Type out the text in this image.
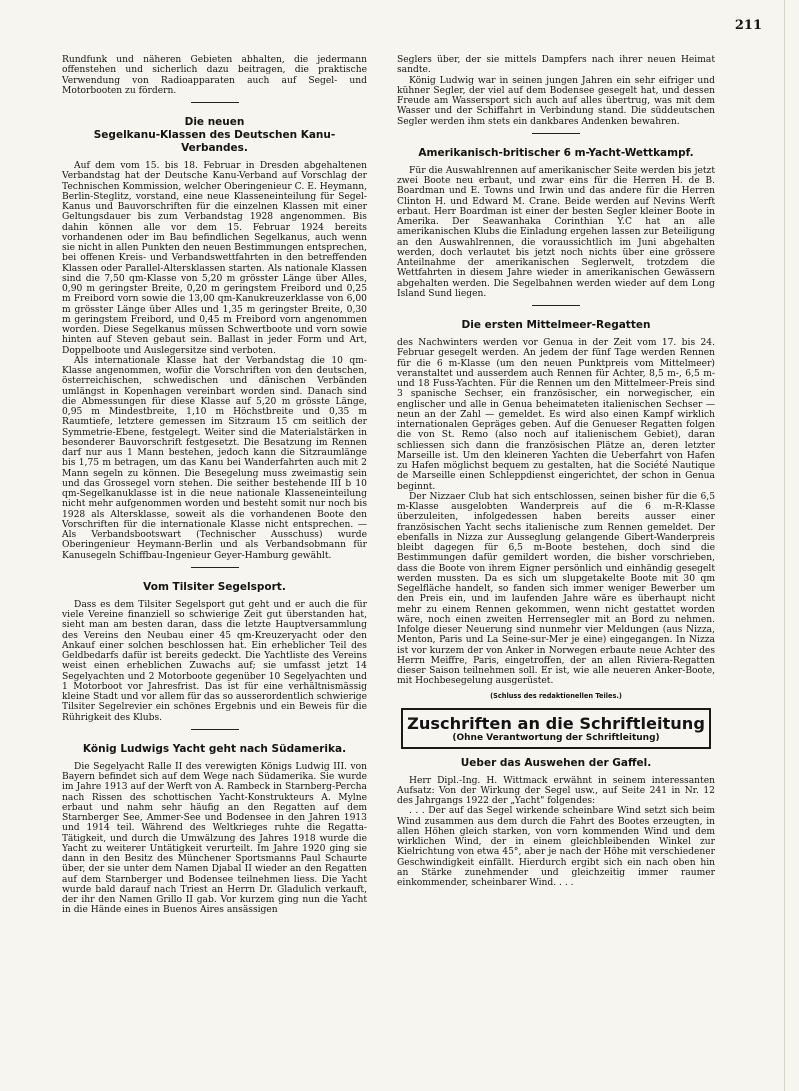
211

Rundfunk und näheren Gebieten abhalten, die jedermann offenstehen und sicherlich dazu beitragen, die praktische Verwendung von Radioapparaten auch auf Segel- und Motorbooten zu fördern.

Die neuen
Segelkanu-Klassen des Deutschen Kanu-Verbandes.

Auf dem vom 15. bis 18. Februar in Dresden abgehaltenen Verbandstag hat der Deutsche Kanu-Verband auf Vorschlag der Technischen Kommission, welcher Oberingenieur C. E. Heymann, Berlin-Steglitz, vorstand, eine neue Klasseneinteilung für Segel-Kanus und Bauvorschriften für die einzelnen Klassen mit einer Geltungsdauer bis zum Verbandstag 1928 angenommen. Bis dahin können alle vor dem 15. Februar 1924 bereits vorhandenen oder im Bau befindlichen Segelkanus, auch wenn sie nicht in allen Punkten den neuen Bestimmungen entsprechen, bei offenen Kreis- und Verbandswettfahrten in den betreffenden Klassen oder Parallel-Altersklassen starten. Als nationale Klassen sind die 7,50 qm-Klasse von 5,20 m grösster Länge über Alles, 0,90 m geringster Breite, 0,20 m geringstem Freibord und 0,25 m Freibord vorn sowie die 13,00 qm-Kanukreuzerklasse von 6,00 m grösster Länge über Alles und 1,35 m geringster Breite, 0,30 m geringstem Freibord, und 0,45 m Freibord vorn angenommen worden. Diese Segelkanus müssen Schwertboote und vorn sowie hinten auf Steven gebaut sein. Ballast in jeder Form und Art, Doppelboote und Auslegersitze sind verboten.

Als internationale Klasse hat der Verbandstag die 10 qm-Klasse angenommen, wofür die Vorschriften von den deutschen, österreichischen, schwedischen und dänischen Verbänden umlängst in Kopenhagen vereinbart worden sind. Danach sind die Abmessungen für diese Klasse auf 5,20 m grösste Länge, 0,95 m Mindestbreite, 1,10 m Höchstbreite und 0,35 m Raumtiefe, letztere gemessen im Sitzraum 15 cm seitlich der Symmetrie-Ebene, festgelegt. Weiter sind die Materialstärken in besonderer Bauvorschrift festgesetzt. Die Besatzung im Rennen darf nur aus 1 Mann bestehen, jedoch kann die Sitzraumlänge bis 1,75 m betragen, um das Kanu bei Wanderfahrten auch mit 2 Mann segeln zu können. Die Besegelung muss zweimastig sein und das Grossegel vorn stehen. Die seither bestehende III b 10 qm-Segelkanuklasse ist in die neue nationale Klasseneinteilung nicht mehr aufgenommen worden und besteht somit nur noch bis 1928 als Altersklasse, soweit als die vorhandenen Boote den Vorschriften für die internationale Klasse nicht entsprechen. — Als Verbandsbootswart (Technischer Ausschuss) wurde Oberingenieur Heymann-Berlin und als Verbandsobmann für Kanusegeln Schiffbau-Ingenieur Geyer-Hamburg gewählt.

Vom Tilsiter Segelsport.

Dass es dem Tilsiter Segelsport gut geht und er auch die für viele Vereine finanziell so schwierige Zeit gut überstanden hat, sieht man am besten daran, dass die letzte Hauptversammlung des Vereins den Neubau einer 45 qm-Kreuzeryacht oder den Ankauf einer solchen beschlossen hat. Ein erheblicher Teil des Geldbedarfs dafür ist bereits gedeckt. Die Yachtliste des Vereins weist einen erheblichen Zuwachs auf; sie umfasst jetzt 14 Segelyachten und 2 Motorboote gegenüber 10 Segelyachten und 1 Motorboot vor Jahresfrist. Das ist für eine verhältnismässig kleine Stadt und vor allem für das so ausserordentlich schwierige Tilsiter Segelrevier ein schönes Ergebnis und ein Beweis für die Rührigkeit des Klubs.

König Ludwigs Yacht geht nach Südamerika.

Die Segelyacht Ralle II des verewigten Königs Ludwig III. von Bayern befindet sich auf dem Wege nach Südamerika. Sie wurde im Jahre 1913 auf der Werft von A. Rambeck in Starnberg-Percha nach Rissen des schottischen Yacht-Konstrukteurs A. Mylne erbaut und nahm sehr häufig an den Regatten auf dem Starnberger See, Ammer-See und Bodensee in den Jahren 1913 und 1914 teil. Während des Weltkrieges ruhte die Regatta-Tätigkeit, und durch die Umwälzung des Jahres 1918 wurde die Yacht zu weiterer Untätigkeit verurteilt. Im Jahre 1920 ging sie dann in den Besitz des Münchener Sportsmanns Paul Schaurte über, der sie unter dem Namen Djabal II wieder an den Regatten auf dem Starnberger und Bodensee teilnehmen liess. Die Yacht wurde bald darauf nach Triest an Herrn Dr. Gladulich verkauft, der ihr den Namen Grillo II gab. Vor kurzem ging nun die Yacht in die Hände eines in Buenos Aires ansässigen

Seglers über, der sie mittels Dampfers nach ihrer neuen Heimat sandte.

König Ludwig war in seinen jungen Jahren ein sehr eifriger und kühner Segler, der viel auf dem Bodensee gesegelt hat, und dessen Freude am Wassersport sich auch auf alles übertrug, was mit dem Wasser und der Schiffahrt in Verbindung stand. Die süddeutschen Segler werden ihm stets ein dankbares Andenken bewahren.

Amerikanisch-britischer 6 m-Yacht-Wettkampf.

Für die Auswahlrennen auf amerikanischer Seite werden bis jetzt zwei Boote neu erbaut, und zwar eins für die Herren H. de B. Boardman und E. Towns und Irwin und das andere für die Herren Clinton H. und Edward M. Crane. Beide werden auf Nevins Werft erbaut. Herr Boardman ist einer der besten Segler kleiner Boote in Amerika. Der Seawanhaka Corinthian Y.C hat an alle amerikanischen Klubs die Einladung ergehen lassen zur Beteiligung an den Auswahlrennen, die voraussichtlich im Juni abgehalten werden, doch verlautet bis jetzt noch nichts über eine grössere Anteilnahme der amerikanischen Seglerwelt, trotzdem die Wettfahrten in diesem Jahre wieder in amerikanischen Gewässern abgehalten werden. Die Segelbahnen werden wieder auf dem Long Island Sund liegen.

Die ersten Mittelmeer-Regatten

des Nachwinters werden vor Genua in der Zeit vom 17. bis 24. Februar gesegelt werden. An jedem der fünf Tage werden Rennen für die 6 m-Klasse (um den neuen Punktpreis vom Mittelmeer) veranstaltet und ausserdem auch Rennen für Achter, 8,5 m-, 6,5 m- und 18 Fuss-Yachten. Für die Rennen um den Mittelmeer-Preis sind 3 spanische Sechser, ein französischer, ein norwegischer, ein englischer und alle in Genua beheimateten italienischen Sechser — neun an der Zahl — gemeldet. Es wird also einen Kampf wirklich internationalen Gepräges geben. Auf die Genueser Regatten folgen die von St. Remo (also noch auf italienischem Gebiet), daran schliessen sich dann die französischen Plätze an, deren letzter Marseille ist. Um den kleineren Yachten die Ueberfahrt von Hafen zu Hafen möglichst bequem zu gestalten, hat die Société Nautique de Marseille einen Schleppdienst eingerichtet, der schon in Genua beginnt.

Der Nizzaer Club hat sich entschlossen, seinen bisher für die 6,5 m-Klasse ausgelobten Wanderpreis auf die 6 m-R-Klasse überzuleiten, infolgedessen haben bereits ausser einer französischen Yacht sechs italienische zum Rennen gemeldet. Der ebenfalls in Nizza zur Ausseglung gelangende Gibert-Wanderpreis bleibt dagegen für 6,5 m-Boote bestehen, doch sind die Bestimmungen dafür gemildert worden, die bisher vorschrieben, dass die Boote von ihrem Eigner persönlich und einhändig gesegelt werden mussten. Da es sich um slupgetakelte Boote mit 30 qm Segelfläche handelt, so fanden sich immer weniger Bewerber um den Preis ein, und im laufenden Jahre wäre es überhaupt nicht mehr zu einem Rennen gekommen, wenn nicht gestattet worden wäre, noch einen zweiten Herrensegler mit an Bord zu nehmen. Infolge dieser Neuerung sind nunmehr vier Meldungen (aus Nizza, Menton, Paris und La Seine-sur-Mer je eine) eingegangen. In Nizza ist vor kurzem der von Anker in Norwegen erbaute neue Achter des Herrn Meiffre, Paris, eingetroffen, der an allen Riviera-Regatten dieser Saison teilnehmen soll. Er ist, wie alle neueren Anker-Boote, mit Hochbesegelung ausgerüstet.

(Schluss des redaktionellen Teiles.)
Zuschriften an die Schriftleitung
(Ohne Verantwortung der Schriftleitung)
Ueber das Auswehen der Gaffel.

Herr Dipl.-Ing. H. Wittmack erwähnt in seinem interessanten Aufsatz: Von der Wirkung der Segel usw., auf Seite 241 in Nr. 12 des Jahrgangs 1922 der „Yacht" folgendes:

. . . Der auf das Segel wirkende scheinbare Wind setzt sich beim Wind zusammen aus dem durch die Fahrt des Bootes erzeugten, in allen Höhen gleich starken, von vorn kommenden Wind und dem wirklichen Wind, der in einem gleichbleibenden Winkel zur Kielrichtung von etwa 45°, aber je nach der Höhe mit verschiedener Geschwindigkeit einfällt. Hierdurch ergibt sich ein nach oben hin an Stärke zunehmender und gleichzeitig immer raumer einkommender, scheinbarer Wind. . . .
